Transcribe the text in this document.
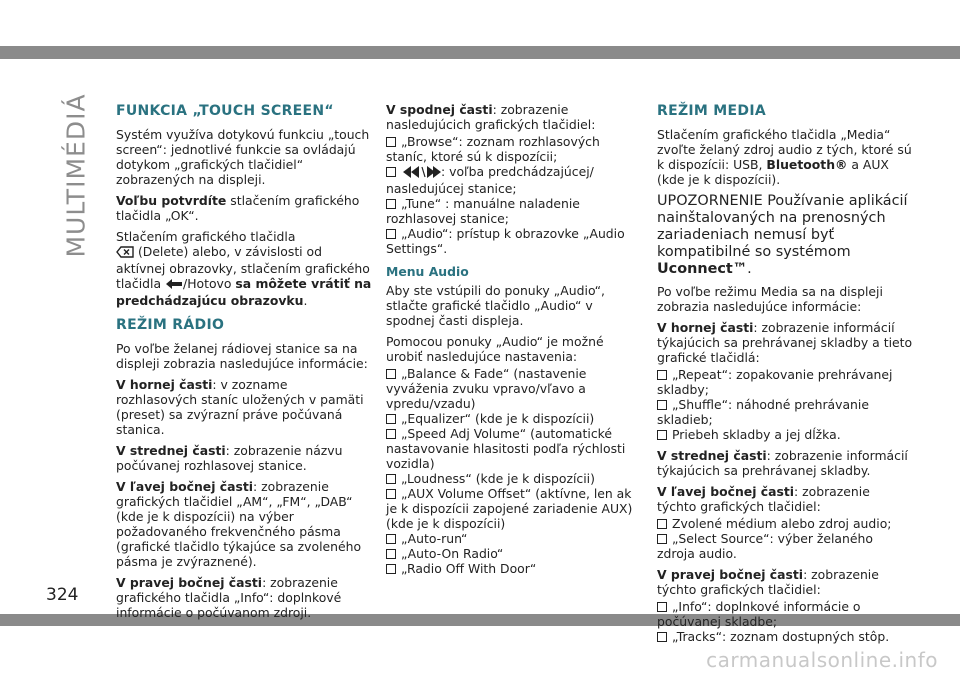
MULTIMÉDIÁ
324
carmanualsonline.info
FUNKCIA „TOUCH SCREEN“

Systém využíva dotykovú funkciu „touch screen“: jednotlivé funkcie sa ovládajú dotykom „grafických tlačidiel“ zobrazených na displeji.

Voľbu potvrdíte stlačením grafického tlačidla „OK“.

Stlačením grafického tlačidla
(Delete) alebo, v závislosti od aktívnej obrazovky, stlačením grafického tlačidla /Hotovo sa môžete vrátiť na predchádzajúcu obrazovku.

REŽIM RÁDIO

Po voľbe želanej rádiovej stanice sa na displeji zobrazia nasledujúce informácie:

V hornej časti: v zozname rozhlasových staníc uložených v pamäti (preset) sa zvýrazní práve počúvaná stanica.

V strednej časti: zobrazenie názvu počúvanej rozhlasovej stanice.

V ľavej bočnej časti: zobrazenie grafických tlačidiel „AM“, „FM“, „DAB“ (kde je k dispozícii) na výber požadovaného frekvenčného pásma (grafické tlačidlo týkajúce sa zvoleného pásma je zvýraznené).

V pravej bočnej časti: zobrazenie grafického tlačidla „Info“: doplnkové informácie o počúvanom zdroji.

V spodnej časti: zobrazenie nasledujúcich grafických tlačidiel:

„Browse“: zoznam rozhlasových staníc, ktoré sú k dispozícii;
: voľba predchádzajúcej/ nasledujúcej stanice;
„Tune“ : manuálne naladenie rozhlasovej stanice;
„Audio“: prístup k obrazovke „Audio Settings“.
Menu Audio

Aby ste vstúpili do ponuky „Audio“, stlačte grafické tlačidlo „Audio“ v spodnej časti displeja.

Pomocou ponuky „Audio“ je možné urobiť nasledujúce nastavenia:

„Balance & Fade“ (nastavenie vyváženia zvuku vpravo/vľavo a vpredu/vzadu)
„Equalizer“ (kde je k dispozícii)
„Speed Adj Volume“ (automatické nastavovanie hlasitosti podľa rýchlosti vozidla)
„Loudness“ (kde je k dispozícii)
„AUX Volume Offset“ (aktívne, len ak je k dispozícii zapojené zariadenie AUX) (kde je k dispozícii)
„Auto-run“
„Auto-On Radio“
„Radio Off With Door“
REŽIM MEDIA

Stlačením grafického tlačidla „Media“ zvoľte želaný zdroj audio z tých, ktoré sú k dispozícii: USB, Bluetooth® a AUX (kde je k dispozícii).

UPOZORNENIE Používanie aplikácií nainštalovaných na prenosných zariadeniach nemusí byť kompatibilné so systémom Uconnect™.

Po voľbe režimu Media sa na displeji zobrazia nasledujúce informácie:

V hornej časti: zobrazenie informácií týkajúcich sa prehrávanej skladby a tieto grafické tlačidlá:

„Repeat“: zopakovanie prehrávanej skladby;
„Shuffle“: náhodné prehrávanie skladieb;
Priebeh skladby a jej dĺžka.

V strednej časti: zobrazenie informácií týkajúcich sa prehrávanej skladby.

V ľavej bočnej časti: zobrazenie týchto grafických tlačidiel:

Zvolené médium alebo zdroj audio;
„Select Source“: výber želaného zdroja audio.

V pravej bočnej časti: zobrazenie týchto grafických tlačidiel:

„Info“: doplnkové informácie o počúvanej skladbe;
„Tracks“: zoznam dostupných stôp.
